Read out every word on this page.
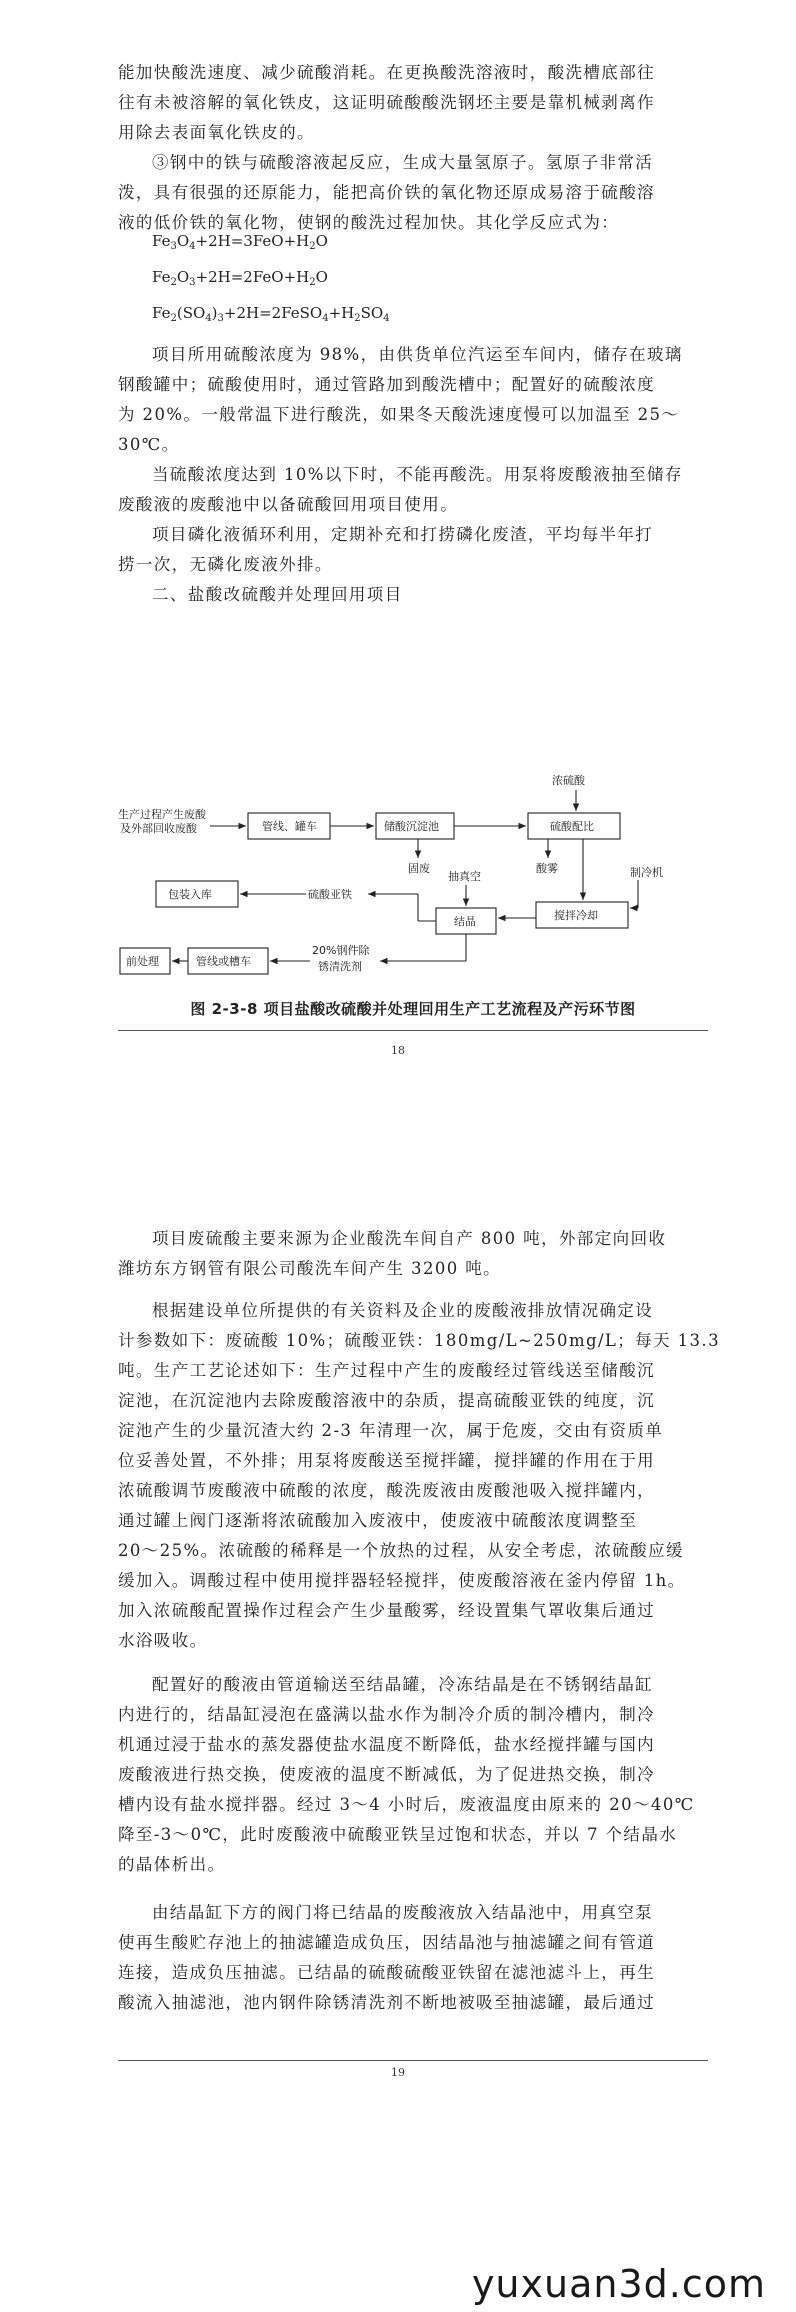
能加快酸洗速度、减少硫酸消耗。在更换酸洗溶液时，酸洗槽底部往
往有未被溶解的氧化铁皮，这证明硫酸酸洗钢坯主要是靠机械剥离作
用除去表面氧化铁皮的。
③钢中的铁与硫酸溶液起反应，生成大量氢原子。氢原子非常活
泼，具有很强的还原能力，能把高价铁的氧化物还原成易溶于硫酸溶
液的低价铁的氧化物，使钢的酸洗过程加快。其化学反应式为：
$Fe_3O_4+2H=3FeO+H_2O$
$Fe_2O_3+2H=2FeO+H_2O$
$Fe_2(SO_4)_3+2H=2FeSO_4+H_2SO_4$
项目所用硫酸浓度为 98%，由供货单位汽运至车间内，储存在玻璃
钢酸罐中；硫酸使用时，通过管路加到酸洗槽中；配置好的硫酸浓度
为 20%。一般常温下进行酸洗，如果冬天酸洗速度慢可以加温至 25～
30℃。
当硫酸浓度达到 10%以下时，不能再酸洗。用泵将废酸液抽至储存
废酸液的废酸池中以备硫酸回用项目使用。
项目磷化液循环利用，定期补充和打捞磷化废渣，平均每半年打
捞一次，无磷化废液外排。
二、盐酸改硫酸并处理回用项目
生产过程产生废酸
及外部回收废酸	管线、罐车	储酸沉淀池
浓硫酸
硫酸配比
固废	酸雾	制冷机
抽真空
包装入库	硫酸亚铁
结晶	搅拌冷却
前处理	管线或槽车
20%钢件除
锈清洗剂
图 2-3-8 项目盐酸改硫酸并处理回用生产工艺流程及产污环节图
18
项目废硫酸主要来源为企业酸洗车间自产 800 吨，外部定向回收
潍坊东方钢管有限公司酸洗车间产生 3200 吨。
根据建设单位所提供的有关资料及企业的废酸液排放情况确定设
计参数如下：废硫酸 10%；硫酸亚铁：180mg/L~250mg/L；每天 13.3
吨。生产工艺论述如下：生产过程中产生的废酸经过管线送至储酸沉
淀池，在沉淀池内去除废酸溶液中的杂质，提高硫酸亚铁的纯度，沉
淀池产生的少量沉渣大约 2-3 年清理一次，属于危废，交由有资质单
位妥善处置，不外排；用泵将废酸送至搅拌罐，搅拌罐的作用在于用
浓硫酸调节废酸液中硫酸的浓度，酸洗废液由废酸池吸入搅拌罐内，
通过罐上阀门逐渐将浓硫酸加入废液中，使废液中硫酸浓度调整至
20～25%。浓硫酸的稀释是一个放热的过程，从安全考虑，浓硫酸应缓
缓加入。调酸过程中使用搅拌器轻轻搅拌，使废酸溶液在釜内停留 1h。
加入浓硫酸配置操作过程会产生少量酸雾，经设置集气罩收集后通过
水浴吸收。
配置好的酸液由管道输送至结晶罐，冷冻结晶是在不锈钢结晶缸
内进行的，结晶缸浸泡在盛满以盐水作为制冷介质的制冷槽内，制冷
机通过浸于盐水的蒸发器使盐水温度不断降低，盐水经搅拌罐与国内
废酸液进行热交换，使废液的温度不断减低，为了促进热交换，制冷
槽内设有盐水搅拌器。经过 3～4 小时后，废液温度由原来的 20～40℃
降至-3～0℃，此时废酸液中硫酸亚铁呈过饱和状态，并以 7 个结晶水
的晶体析出。
由结晶缸下方的阀门将已结晶的废酸液放入结晶池中，用真空泵
使再生酸贮存池上的抽滤罐造成负压，因结晶池与抽滤罐之间有管道
连接，造成负压抽滤。已结晶的硫酸硫酸亚铁留在滤池滤斗上，再生
酸流入抽滤池，池内钢件除锈清洗剂不断地被吸至抽滤罐，最后通过
19
yuxuan3d.com
